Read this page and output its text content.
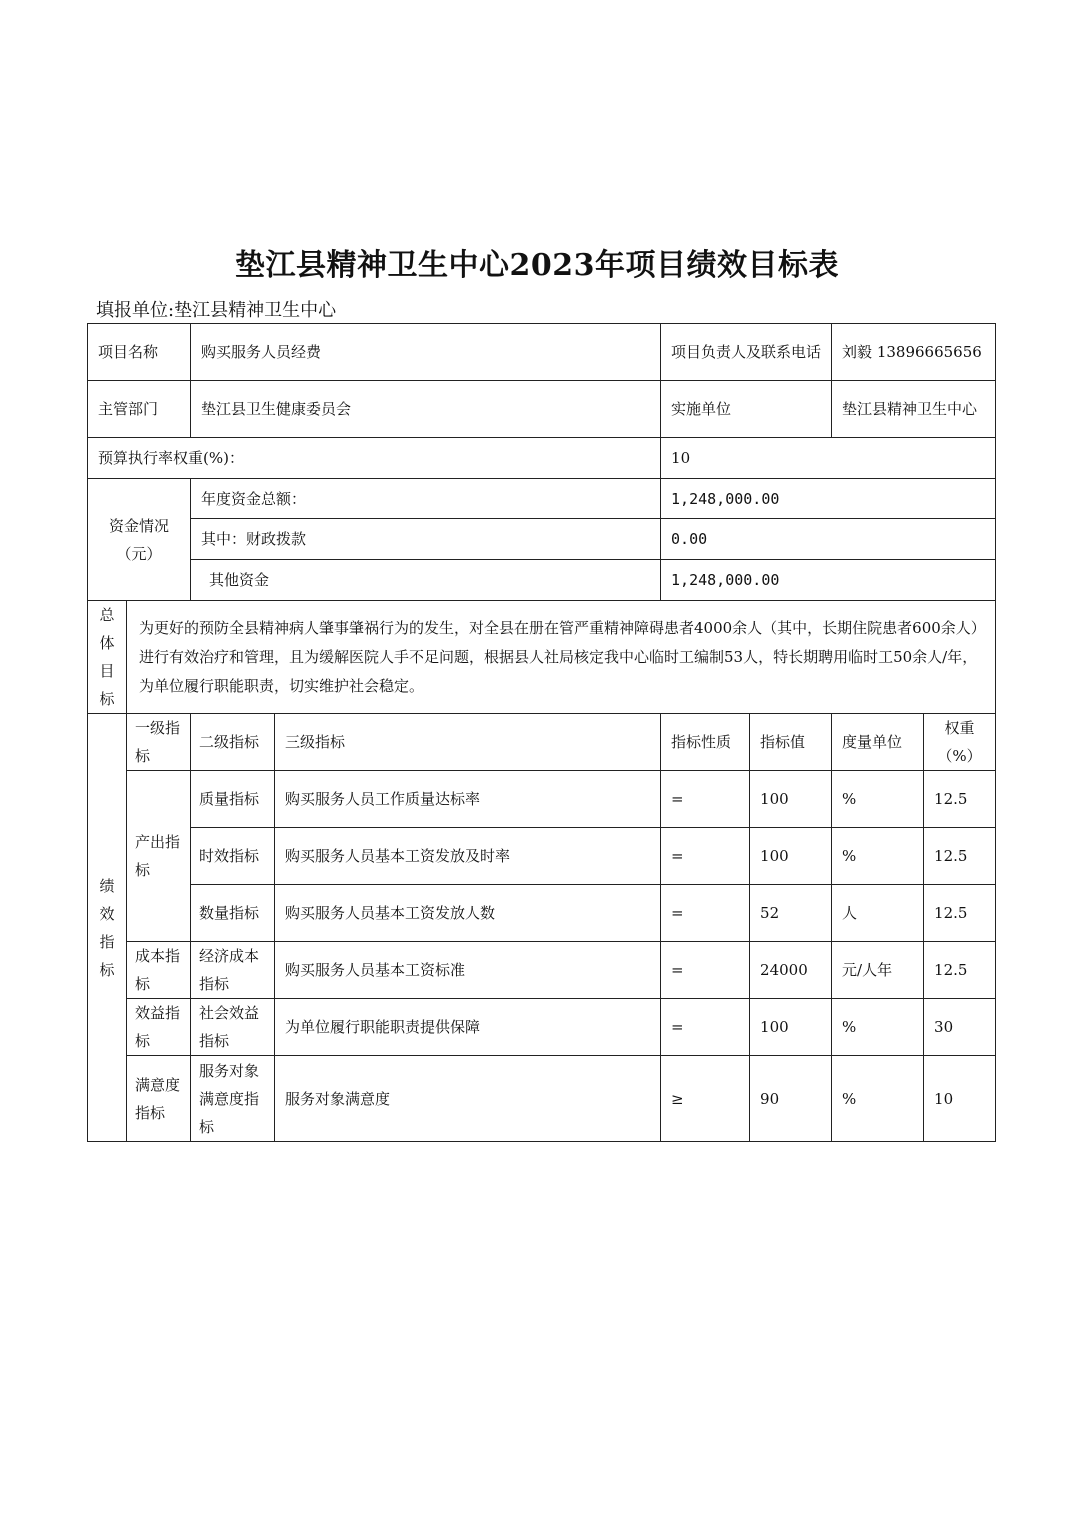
垫江县精神卫生中心2023年项目绩效目标表
填报单位:垫江县精神卫生中心
项目名称		购买服务人员经费		项目负责人及联系电话		刘毅 13896665656	
主管部门		垫江县卫生健康委员会		实施单位		垫江县精神卫生中心	
预算执行率权重(%)：				10			
资金情况（元）		年度资金总额：		1,248,000.00			
		其中：财政拨款		0.00			
		其他资金		1,248,000.00			

总体目标	为更好的预防全县精神病人肇事肇祸行为的发生，对全县在册在管严重精神障碍患者4000余人（其中，长期住院患者600余人）进行有效治疗和管理，且为缓解医院人手不足问题，根据县人社局核定我中心临时工编制53人，特长期聘用临时工50余人/年，为单位履行职能职责，切实维护社会稳定。						

绩效指标	一级指标	二级指标	三级指标	指标性质	指标值	度量单位	权重（%）
	产出指标	质量指标	购买服务人员工作质量达标率	=	100	%	12.5
		时效指标	购买服务人员基本工资发放及时率	=	100	%	12.5
		数量指标	购买服务人员基本工资发放人数	=	52	人	12.5
	成本指标	经济成本指标	购买服务人员基本工资标准	=	24000	元/人年	12.5
	效益指标	社会效益指标	为单位履行职能职责提供保障	=	100	%	30
	满意度指标	服务对象满意度指标	服务对象满意度	≥	90	%	10
